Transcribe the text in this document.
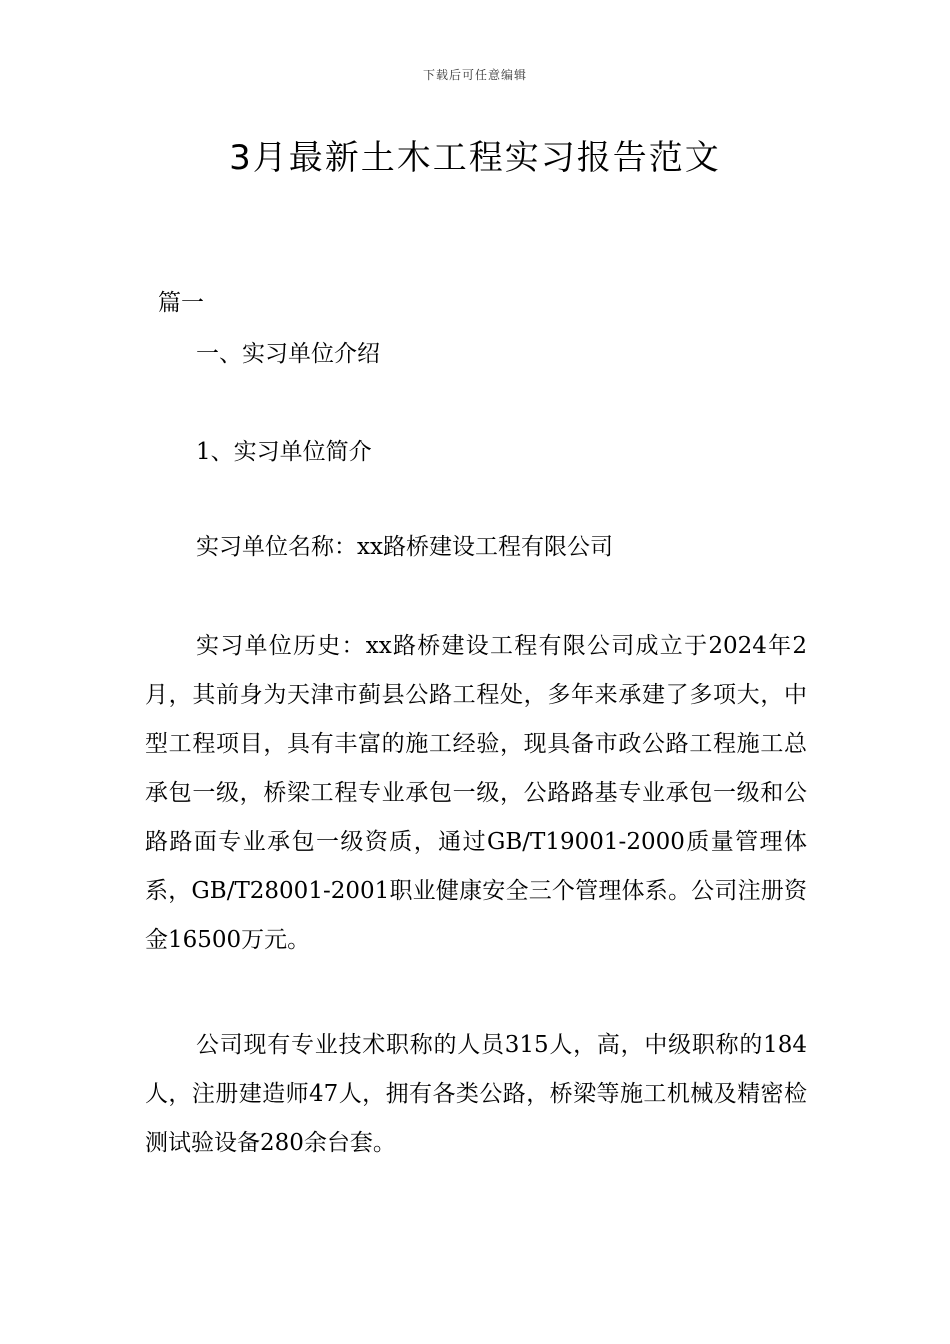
下载后可任意编辑
3月最新土木工程实习报告范文
篇一
一、实习单位介绍
1、实习单位简介

实习单位名称：xx路桥建设工程有限公司

实习单位历史：xx路桥建设工程有限公司成立于2024年2月，其前身为天津市蓟县公路工程处，多年来承建了多项大，中型工程项目，具有丰富的施工经验，现具备市政公路工程施工总承包一级，桥梁工程专业承包一级，公路路基专业承包一级和公路路面专业承包一级资质，通过GB/T19001-2000质量管理体系，GB/T28001-2001职业健康安全三个管理体系。公司注册资金16500万元。

公司现有专业技术职称的人员315人，高，中级职称的184人，注册建造师47人，拥有各类公路，桥梁等施工机械及精密检测试验设备280余台套。
